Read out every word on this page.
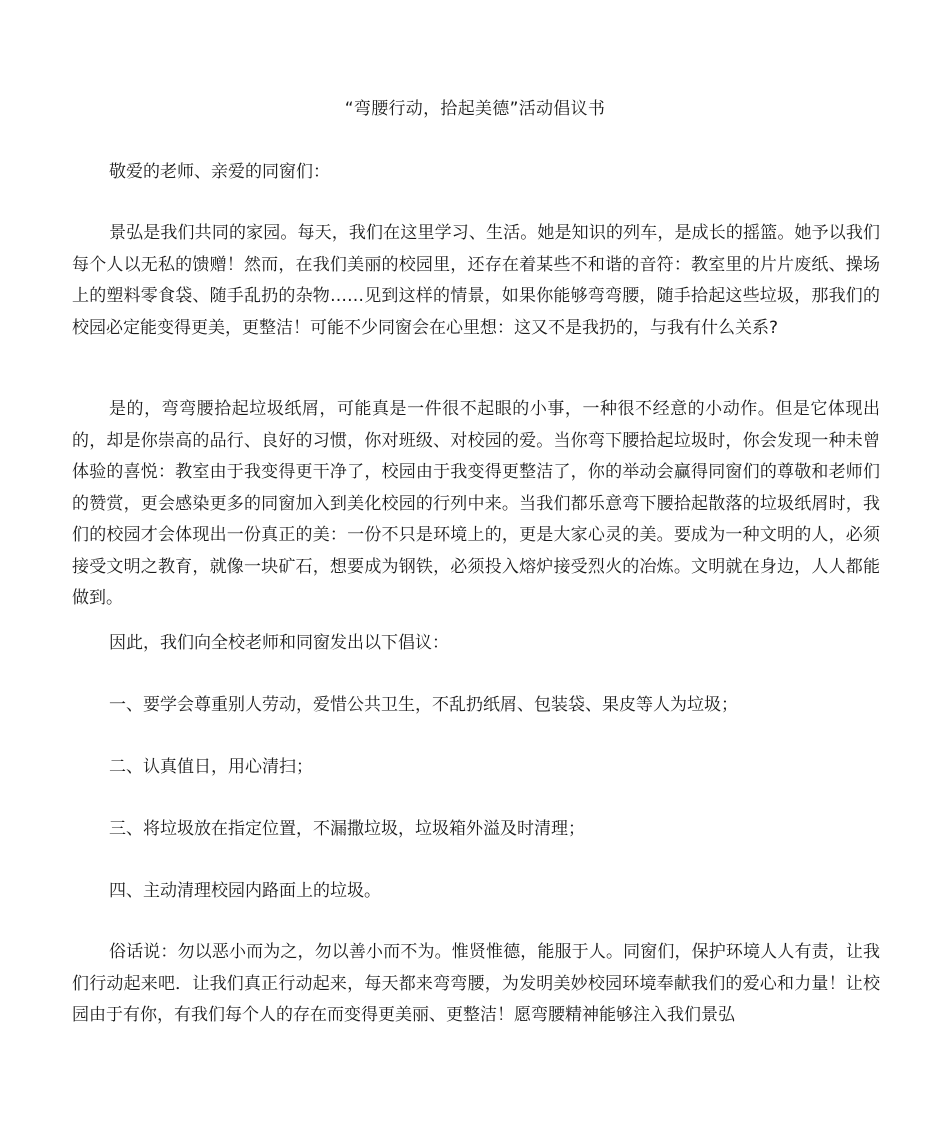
“弯腰行动，拾起美德”活动倡议书

敬爱的老师、亲爱的同窗们：

景弘是我们共同的家园。每天，我们在这里学习、生活。她是知识的列车，是成长的摇篮。她予以我们每个人以无私的馈赠！然而，在我们美丽的校园里，还存在着某些不和谐的音符：教室里的片片废纸、操场上的塑料零食袋、随手乱扔的杂物……见到这样的情景，如果你能够弯弯腰，随手拾起这些垃圾，那我们的校园必定能变得更美，更整洁！可能不少同窗会在心里想：这又不是我扔的，与我有什么关系?

是的，弯弯腰拾起垃圾纸屑，可能真是一件很不起眼的小事，一种很不经意的小动作。但是它体现出的，却是你崇高的品行、良好的习惯，你对班级、对校园的爱。当你弯下腰拾起垃圾时，你会发现一种未曾体验的喜悦：教室由于我变得更干净了，校园由于我变得更整洁了，你的举动会赢得同窗们的尊敬和老师们的赞赏，更会感染更多的同窗加入到美化校园的行列中来。当我们都乐意弯下腰拾起散落的垃圾纸屑时，我们的校园才会体现出一份真正的美：一份不只是环境上的，更是大家心灵的美。要成为一种文明的人，必须接受文明之教育，就像一块矿石，想要成为钢铁，必须投入熔炉接受烈火的冶炼。文明就在身边，人人都能做到。

因此，我们向全校老师和同窗发出以下倡议：

一、要学会尊重别人劳动，爱惜公共卫生，不乱扔纸屑、包装袋、果皮等人为垃圾；

二、认真值日，用心清扫；

三、将垃圾放在指定位置，不漏撒垃圾，垃圾箱外溢及时清理；

四、主动清理校园内路面上的垃圾。

俗话说：勿以恶小而为之，勿以善小而不为。惟贤惟德，能服于人。同窗们，保护环境人人有责，让我们行动起来吧．让我们真正行动起来，每天都来弯弯腰，为发明美妙校园环境奉献我们的爱心和力量！让校园由于有你，有我们每个人的存在而变得更美丽、更整洁！愿弯腰精神能够注入我们景弘
